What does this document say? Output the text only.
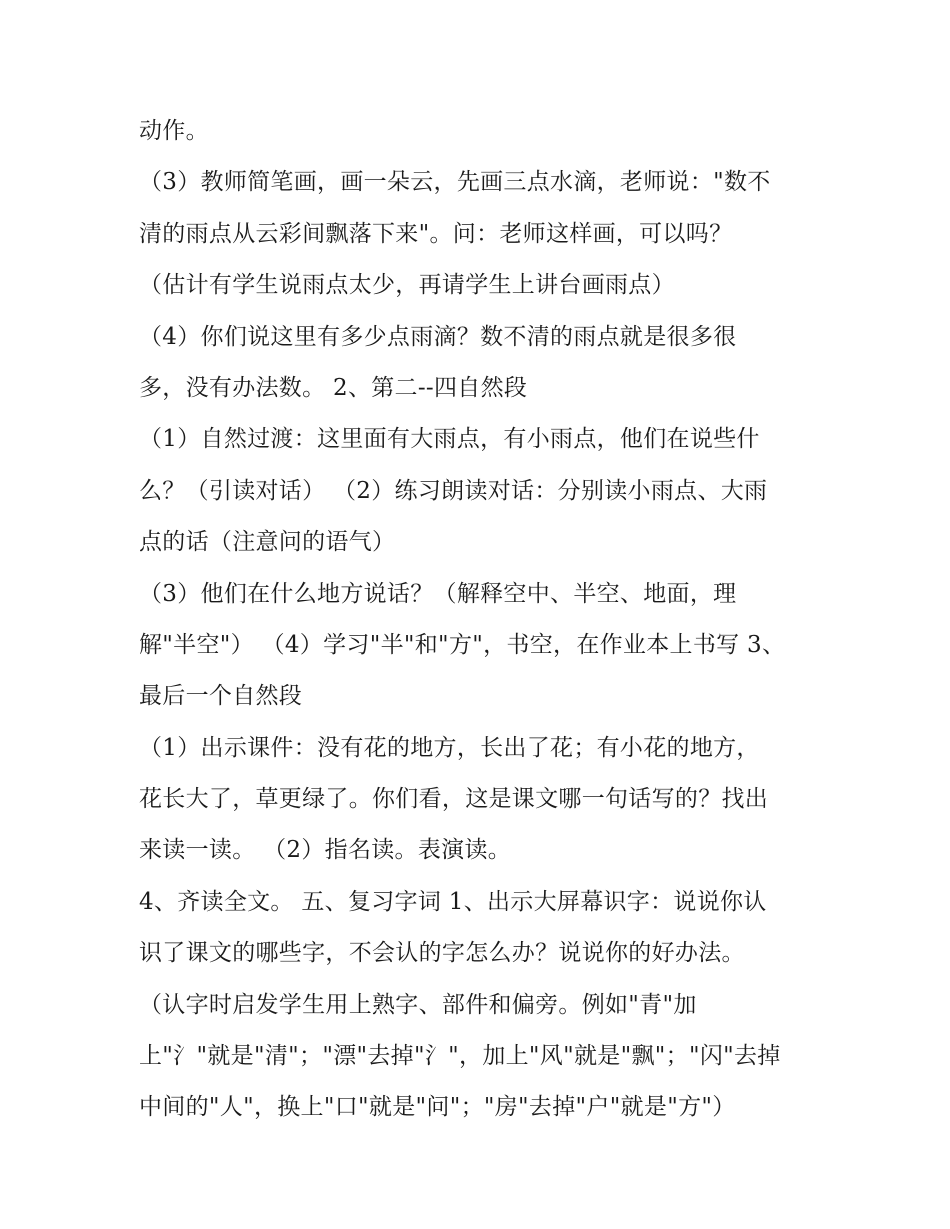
动作。
（3）教师简笔画，画一朵云，先画三点水滴，老师说："数不
清的雨点从云彩间飘落下来"。问：老师这样画，可以吗？
（估计有学生说雨点太少，再请学生上讲台画雨点）
（4）你们说这里有多少点雨滴？数不清的雨点就是很多很
多，没有办法数。 2、第二--四自然段
（1）自然过渡：这里面有大雨点，有小雨点，他们在说些什
么？（引读对话） （2）练习朗读对话：分别读小雨点、大雨
点的话（注意问的语气）
（3）他们在什么地方说话？（解释空中、半空、地面，理
解"半空"） （4）学习"半"和"方"，书空，在作业本上书写 3、
最后一个自然段
（1）出示课件：没有花的地方，长出了花；有小花的地方，
花长大了，草更绿了。你们看，这是课文哪一句话写的？找出
来读一读。 （2）指名读。表演读。
4、齐读全文。 五、复习字词 1、出示大屏幕识字：说说你认
识了课文的哪些字，不会认的字怎么办？说说你的好办法。
（认字时启发学生用上熟字、部件和偏旁。例如"青"加
上"氵"就是"清"；"漂"去掉"氵"，加上"风"就是"飘"；"闪"去掉
中间的"人"，换上"口"就是"问"；"房"去掉"户"就是"方"）
